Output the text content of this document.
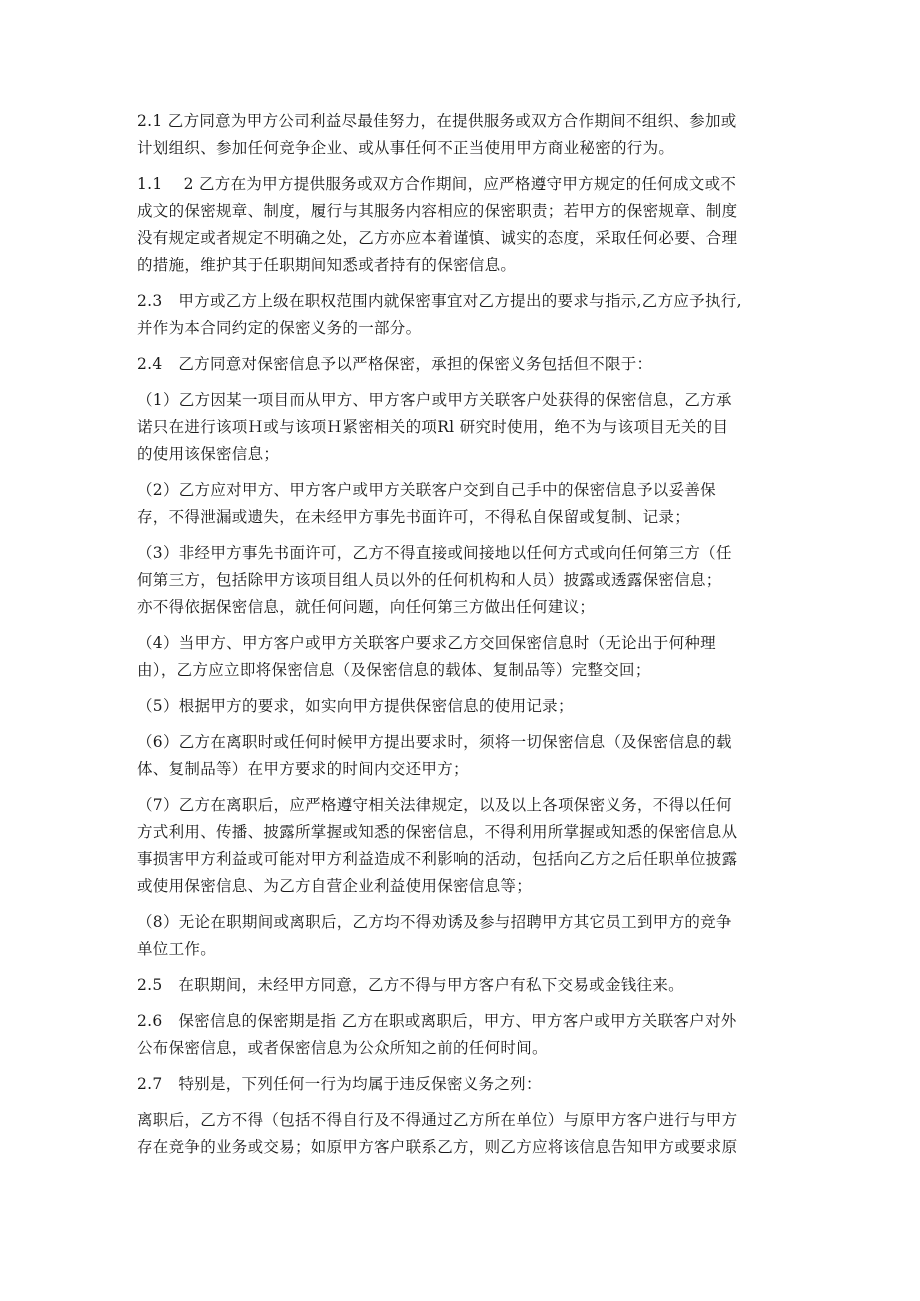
2.1 乙方同意为甲方公司利益尽最佳努力，在提供服务或双方合作期间不组织、参加或
计划组织、参加任何竞争企业、或从事任何不正当使用甲方商业秘密的行为。
1.1　 2 乙方在为甲方提供服务或双方合作期间，应严格遵守甲方规定的任何成文或不
成文的保密规章、制度，履行与其服务内容相应的保密职责；若甲方的保密规章、制度
没有规定或者规定不明确之处，乙方亦应本着谨慎、诚实的态度，采取任何必要、合理
的措施，维护其于任职期间知悉或者持有的保密信息。
2.3　甲方或乙方上级在职权范围内就保密事宜对乙方提出的要求与指示,乙方应予执行,
并作为本合同约定的保密义务的一部分。
2.4　乙方同意对保密信息予以严格保密，承担的保密义务包括但不限于：
（1）乙方因某一项目而从甲方、甲方客户或甲方关联客户处获得的保密信息，乙方承
诺只在进行该项Ｈ或与该项Ｈ紧密相关的项Rl 研究时使用，绝不为与该项目无关的目
的使用该保密信息；
（2）乙方应对甲方、甲方客户或甲方关联客户交到自己手中的保密信息予以妥善保
存，不得泄漏或遗失，在未经甲方事先书面许可，不得私自保留或复制、记录；
（3）非经甲方事先书面许可，乙方不得直接或间接地以任何方式或向任何第三方（任
何第三方，包括除甲方该项目组人员以外的任何机构和人员）披露或透露保密信息；
亦不得依据保密信息，就任何问题，向任何第三方做出任何建议；
（4）当甲方、甲方客户或甲方关联客户要求乙方交回保密信息时（无论出于何种理
由），乙方应立即将保密信息（及保密信息的载体、复制品等）完整交回；
（5）根据甲方的要求，如实向甲方提供保密信息的使用记录；
（6）乙方在离职时或任何时候甲方提出要求时，须将一切保密信息（及保密信息的载
体、复制品等）在甲方要求的时间内交还甲方；
（7）乙方在离职后，应严格遵守相关法律规定，以及以上各项保密义务，不得以任何
方式利用、传播、披露所掌握或知悉的保密信息，不得利用所掌握或知悉的保密信息从
事损害甲方利益或可能对甲方利益造成不利影响的活动，包括向乙方之后任职单位披露
或使用保密信息、为乙方自营企业利益使用保密信息等；
（8）无论在职期间或离职后，乙方均不得劝诱及参与招聘甲方其它员工到甲方的竞争
单位工作。
2.5　在职期间，未经甲方同意，乙方不得与甲方客户有私下交易或金钱往来。
2.6　保密信息的保密期是指 乙方在职或离职后，甲方、甲方客户或甲方关联客户对外
公布保密信息，或者保密信息为公众所知之前的任何时间。
2.7　特别是，下列任何一行为均属于违反保密义务之列：
离职后，乙方不得（包括不得自行及不得通过乙方所在单位）与原甲方客户进行与甲方
存在竞争的业务或交易；如原甲方客户联系乙方，则乙方应将该信息告知甲方或要求原
